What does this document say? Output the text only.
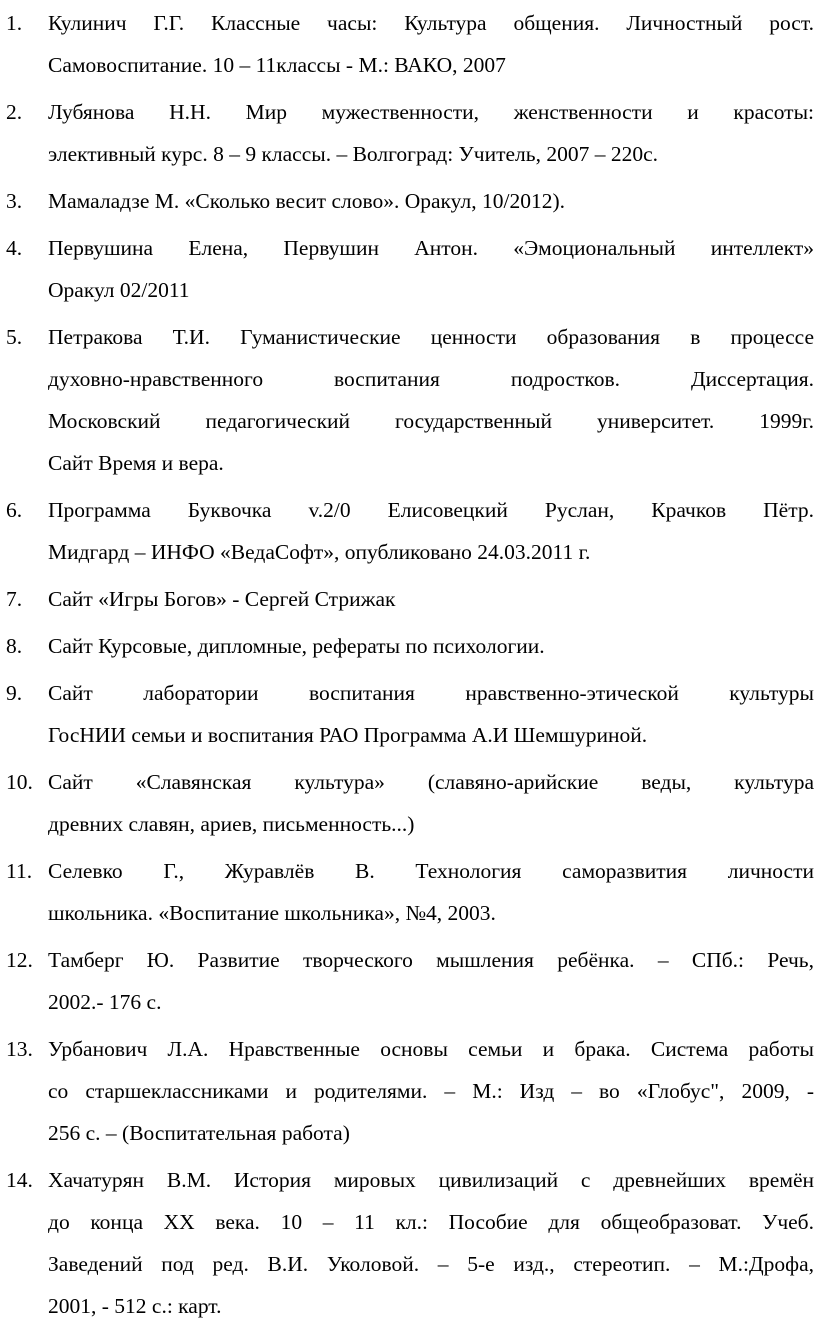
1.	Кулинич Г.Г. Классные часы: Культура общения. Личностный рост.
Самовоспитание. 10 – 11классы - М.: ВАКО, 2007
2.	Лубянова Н.Н. Мир мужественности, женственности и красоты:
элективный курс. 8 – 9 классы. – Волгоград: Учитель, 2007 – 220с.
3.	Мамаладзе М. «Сколько весит слово». Оракул, 10/2012).
4.	Первушина Елена, Первушин Антон. «Эмоциональный интеллект»
Оракул 02/2011
5.	Петракова Т.И. Гуманистические ценности образования в процессе
духовно-нравственного воспитания подростков. Диссертация.
Московский педагогический государственный университет. 1999г.
Сайт Время и вера.
6.	Программа Буквочка v.2/0 Елисовецкий Руслан, Крачков Пётр.
Мидгард – ИНФО «ВедаСофт», опубликовано 24.03.2011 г.
7.	Сайт «Игры Богов» - Сергей Стрижак
8.	Сайт Курсовые, дипломные, рефераты по психологии.
9.	Сайт лаборатории воспитания нравственно-этической культуры
ГосНИИ семьи и воспитания РАО Программа А.И Шемшуриной.
10. Сайт «Славянская культура» (славяно-арийские веды, культура
древних славян, ариев, письменность...)
11. Селевко Г., Журавлёв В. Технология саморазвития личности
школьника. «Воспитание школьника», №4, 2003.
12. Тамберг Ю. Развитие творческого мышления ребёнка. – СПб.: Речь,
2002.- 176 с.
13. Урбанович Л.А. Нравственные основы семьи и брака. Система работы
со старшеклассниками и родителями. – М.: Изд – во «Глобус", 2009, -
256 с. – (Воспитательная работа)
14. Хачатурян В.М. История мировых цивилизаций с древнейших времён
до конца XX века. 10 – 11 кл.: Пособие для общеобразоват. Учеб.
Заведений под ред. В.И. Уколовой. – 5-е изд., стереотип. – М.:Дрофа,
2001, - 512 с.: карт.
